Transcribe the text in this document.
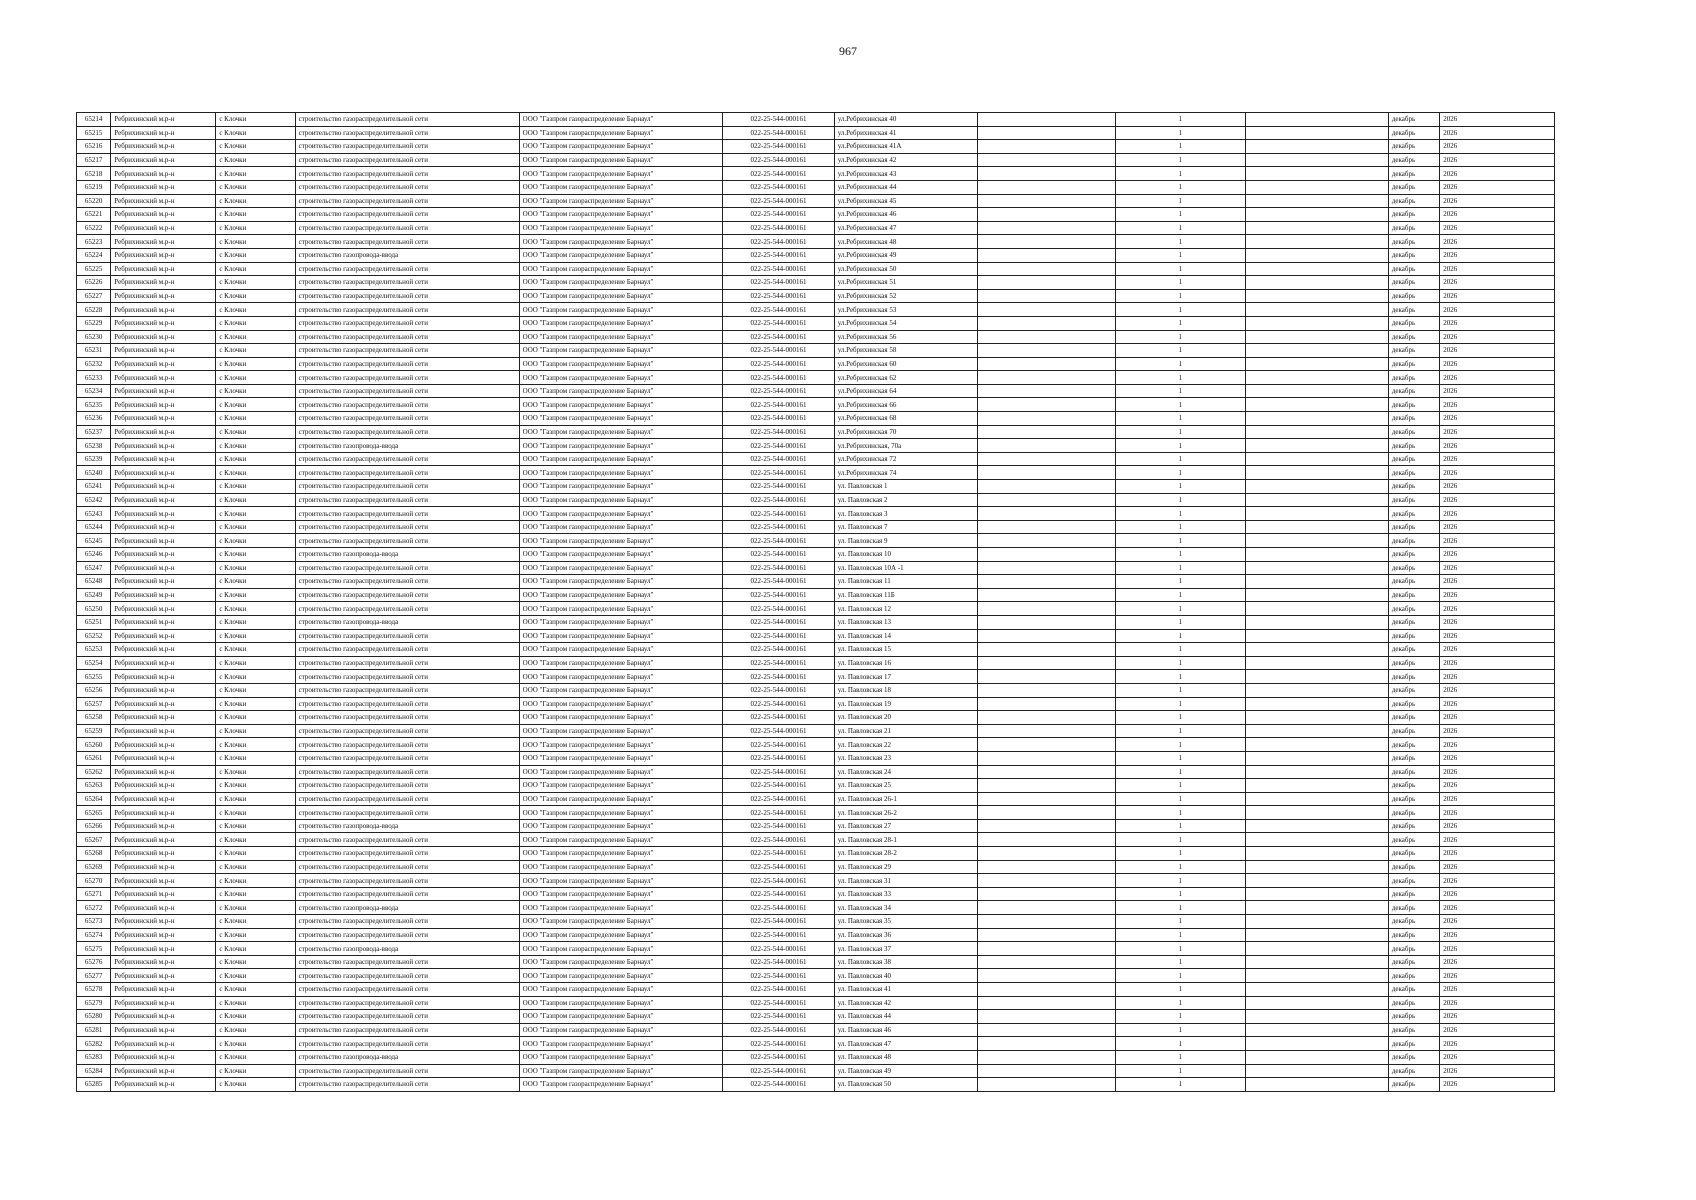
967
65214	Ребрихинский м.р-н	с Клочки	строительство газораспределительной сети	ООО "Газпром газораспределение Барнаул"	022-25-544-000161	ул.Ребрихинская 40		1		декабрь	2026
65215	Ребрихинский м.р-н	с Клочки	строительство газораспределительной сети	ООО "Газпром газораспределение Барнаул"	022-25-544-000161	ул.Ребрихинская 41		1		декабрь	2026
65216	Ребрихинский м.р-н	с Клочки	строительство газораспределительной сети	ООО "Газпром газораспределение Барнаул"	022-25-544-000161	ул.Ребрихинская 41А		1		декабрь	2026
65217	Ребрихинский м.р-н	с Клочки	строительство газораспределительной сети	ООО "Газпром газораспределение Барнаул"	022-25-544-000161	ул.Ребрихинская 42		1		декабрь	2026
65218	Ребрихинский м.р-н	с Клочки	строительство газораспределительной сети	ООО "Газпром газораспределение Барнаул"	022-25-544-000161	ул.Ребрихинская 43		1		декабрь	2026
65219	Ребрихинский м.р-н	с Клочки	строительство газораспределительной сети	ООО "Газпром газораспределение Барнаул"	022-25-544-000161	ул.Ребрихинская 44		1		декабрь	2026
65220	Ребрихинский м.р-н	с Клочки	строительство газораспределительной сети	ООО "Газпром газораспределение Барнаул"	022-25-544-000161	ул.Ребрихинская 45		1		декабрь	2026
65221	Ребрихинский м.р-н	с Клочки	строительство газораспределительной сети	ООО "Газпром газораспределение Барнаул"	022-25-544-000161	ул.Ребрихинская 46		1		декабрь	2026
65222	Ребрихинский м.р-н	с Клочки	строительство газораспределительной сети	ООО "Газпром газораспределение Барнаул"	022-25-544-000161	ул.Ребрихинская 47		1		декабрь	2026
65223	Ребрихинский м.р-н	с Клочки	строительство газораспределительной сети	ООО "Газпром газораспределение Барнаул"	022-25-544-000161	ул.Ребрихинская 48		1		декабрь	2026
65224	Ребрихинский м.р-н	с Клочки	строительство газопровода-ввода	ООО "Газпром газораспределение Барнаул"	022-25-544-000161	ул.Ребрихинская 49		1		декабрь	2026
65225	Ребрихинский м.р-н	с Клочки	строительство газораспределительной сети	ООО "Газпром газораспределение Барнаул"	022-25-544-000161	ул.Ребрихинская 50		1		декабрь	2026
65226	Ребрихинский м.р-н	с Клочки	строительство газораспределительной сети	ООО "Газпром газораспределение Барнаул"	022-25-544-000161	ул.Ребрихинская 51		1		декабрь	2026
65227	Ребрихинский м.р-н	с Клочки	строительство газораспределительной сети	ООО "Газпром газораспределение Барнаул"	022-25-544-000161	ул.Ребрихинская 52		1		декабрь	2026
65228	Ребрихинский м.р-н	с Клочки	строительство газораспределительной сети	ООО "Газпром газораспределение Барнаул"	022-25-544-000161	ул.Ребрихинская 53		1		декабрь	2026
65229	Ребрихинский м.р-н	с Клочки	строительство газораспределительной сети	ООО "Газпром газораспределение Барнаул"	022-25-544-000161	ул.Ребрихинская 54		1		декабрь	2026
65230	Ребрихинский м.р-н	с Клочки	строительство газораспределительной сети	ООО "Газпром газораспределение Барнаул"	022-25-544-000161	ул.Ребрихинская 56		1		декабрь	2026
65231	Ребрихинский м.р-н	с Клочки	строительство газораспределительной сети	ООО "Газпром газораспределение Барнаул"	022-25-544-000161	ул.Ребрихинская 58		1		декабрь	2026
65232	Ребрихинский м.р-н	с Клочки	строительство газораспределительной сети	ООО "Газпром газораспределение Барнаул"	022-25-544-000161	ул.Ребрихинская 60		1		декабрь	2026
65233	Ребрихинский м.р-н	с Клочки	строительство газораспределительной сети	ООО "Газпром газораспределение Барнаул"	022-25-544-000161	ул.Ребрихинская 62		1		декабрь	2026
65234	Ребрихинский м.р-н	с Клочки	строительство газораспределительной сети	ООО "Газпром газораспределение Барнаул"	022-25-544-000161	ул.Ребрихинская 64		1		декабрь	2026
65235	Ребрихинский м.р-н	с Клочки	строительство газораспределительной сети	ООО "Газпром газораспределение Барнаул"	022-25-544-000161	ул.Ребрихинская 66		1		декабрь	2026
65236	Ребрихинский м.р-н	с Клочки	строительство газораспределительной сети	ООО "Газпром газораспределение Барнаул"	022-25-544-000161	ул.Ребрихинская 68		1		декабрь	2026
65237	Ребрихинский м.р-н	с Клочки	строительство газораспределительной сети	ООО "Газпром газораспределение Барнаул"	022-25-544-000161	ул.Ребрихинская 70		1		декабрь	2026
65238	Ребрихинский м.р-н	с Клочки	строительство газопровода-ввода	ООО "Газпром газораспределение Барнаул"	022-25-544-000161	ул.Ребрихинская, 70а		1		декабрь	2026
65239	Ребрихинский м.р-н	с Клочки	строительство газораспределительной сети	ООО "Газпром газораспределение Барнаул"	022-25-544-000161	ул.Ребрихинская 72		1		декабрь	2026
65240	Ребрихинский м.р-н	с Клочки	строительство газораспределительной сети	ООО "Газпром газораспределение Барнаул"	022-25-544-000161	ул.Ребрихинская 74		1		декабрь	2026
65241	Ребрихинский м.р-н	с Клочки	строительство газораспределительной сети	ООО "Газпром газораспределение Барнаул"	022-25-544-000161	ул. Павловская 1		1		декабрь	2026
65242	Ребрихинский м.р-н	с Клочки	строительство газораспределительной сети	ООО "Газпром газораспределение Барнаул"	022-25-544-000161	ул. Павловская 2		1		декабрь	2026
65243	Ребрихинский м.р-н	с Клочки	строительство газораспределительной сети	ООО "Газпром газораспределение Барнаул"	022-25-544-000161	ул. Павловская 3		1		декабрь	2026
65244	Ребрихинский м.р-н	с Клочки	строительство газораспределительной сети	ООО "Газпром газораспределение Барнаул"	022-25-544-000161	ул. Павловская 7		1		декабрь	2026
65245	Ребрихинский м.р-н	с Клочки	строительство газораспределительной сети	ООО "Газпром газораспределение Барнаул"	022-25-544-000161	ул. Павловская 9		1		декабрь	2026
65246	Ребрихинский м.р-н	с Клочки	строительство газопровода-ввода	ООО "Газпром газораспределение Барнаул"	022-25-544-000161	ул. Павловская 10		1		декабрь	2026
65247	Ребрихинский м.р-н	с Клочки	строительство газораспределительной сети	ООО "Газпром газораспределение Барнаул"	022-25-544-000161	ул. Павловская 10А -1		1		декабрь	2026
65248	Ребрихинский м.р-н	с Клочки	строительство газораспределительной сети	ООО "Газпром газораспределение Барнаул"	022-25-544-000161	ул. Павловская 11		1		декабрь	2026
65249	Ребрихинский м.р-н	с Клочки	строительство газораспределительной сети	ООО "Газпром газораспределение Барнаул"	022-25-544-000161	ул. Павловская 11Б		1		декабрь	2026
65250	Ребрихинский м.р-н	с Клочки	строительство газораспределительной сети	ООО "Газпром газораспределение Барнаул"	022-25-544-000161	ул. Павловская 12		1		декабрь	2026
65251	Ребрихинский м.р-н	с Клочки	строительство газопровода-ввода	ООО "Газпром газораспределение Барнаул"	022-25-544-000161	ул. Павловская 13		1		декабрь	2026
65252	Ребрихинский м.р-н	с Клочки	строительство газораспределительной сети	ООО "Газпром газораспределение Барнаул"	022-25-544-000161	ул. Павловская 14		1		декабрь	2026
65253	Ребрихинский м.р-н	с Клочки	строительство газораспределительной сети	ООО "Газпром газораспределение Барнаул"	022-25-544-000161	ул. Павловская 15		1		декабрь	2026
65254	Ребрихинский м.р-н	с Клочки	строительство газораспределительной сети	ООО "Газпром газораспределение Барнаул"	022-25-544-000161	ул. Павловская 16		1		декабрь	2026
65255	Ребрихинский м.р-н	с Клочки	строительство газораспределительной сети	ООО "Газпром газораспределение Барнаул"	022-25-544-000161	ул. Павловская 17		1		декабрь	2026
65256	Ребрихинский м.р-н	с Клочки	строительство газораспределительной сети	ООО "Газпром газораспределение Барнаул"	022-25-544-000161	ул. Павловская 18		1		декабрь	2026
65257	Ребрихинский м.р-н	с Клочки	строительство газораспределительной сети	ООО "Газпром газораспределение Барнаул"	022-25-544-000161	ул. Павловская 19		1		декабрь	2026
65258	Ребрихинский м.р-н	с Клочки	строительство газораспределительной сети	ООО "Газпром газораспределение Барнаул"	022-25-544-000161	ул. Павловская 20		1		декабрь	2026
65259	Ребрихинский м.р-н	с Клочки	строительство газораспределительной сети	ООО "Газпром газораспределение Барнаул"	022-25-544-000161	ул. Павловская 21		1		декабрь	2026
65260	Ребрихинский м.р-н	с Клочки	строительство газораспределительной сети	ООО "Газпром газораспределение Барнаул"	022-25-544-000161	ул. Павловская 22		1		декабрь	2026
65261	Ребрихинский м.р-н	с Клочки	строительство газораспределительной сети	ООО "Газпром газораспределение Барнаул"	022-25-544-000161	ул. Павловская 23		1		декабрь	2026
65262	Ребрихинский м.р-н	с Клочки	строительство газораспределительной сети	ООО "Газпром газораспределение Барнаул"	022-25-544-000161	ул. Павловская 24		1		декабрь	2026
65263	Ребрихинский м.р-н	с Клочки	строительство газораспределительной сети	ООО "Газпром газораспределение Барнаул"	022-25-544-000161	ул. Павловская 25		1		декабрь	2026
65264	Ребрихинский м.р-н	с Клочки	строительство газораспределительной сети	ООО "Газпром газораспределение Барнаул"	022-25-544-000161	ул. Павловская 26-1		1		декабрь	2026
65265	Ребрихинский м.р-н	с Клочки	строительство газораспределительной сети	ООО "Газпром газораспределение Барнаул"	022-25-544-000161	ул. Павловская 26-2		1		декабрь	2026
65266	Ребрихинский м.р-н	с Клочки	строительство газопровода-ввода	ООО "Газпром газораспределение Барнаул"	022-25-544-000161	ул. Павловская 27		1		декабрь	2026
65267	Ребрихинский м.р-н	с Клочки	строительство газораспределительной сети	ООО "Газпром газораспределение Барнаул"	022-25-544-000161	ул. Павловская 28-1		1		декабрь	2026
65268	Ребрихинский м.р-н	с Клочки	строительство газораспределительной сети	ООО "Газпром газораспределение Барнаул"	022-25-544-000161	ул. Павловская 28-2		1		декабрь	2026
65269	Ребрихинский м.р-н	с Клочки	строительство газораспределительной сети	ООО "Газпром газораспределение Барнаул"	022-25-544-000161	ул. Павловская 29		1		декабрь	2026
65270	Ребрихинский м.р-н	с Клочки	строительство газораспределительной сети	ООО "Газпром газораспределение Барнаул"	022-25-544-000161	ул. Павловская 31		1		декабрь	2026
65271	Ребрихинский м.р-н	с Клочки	строительство газораспределительной сети	ООО "Газпром газораспределение Барнаул"	022-25-544-000161	ул. Павловская 33		1		декабрь	2026
65272	Ребрихинский м.р-н	с Клочки	строительство газопровода-ввода	ООО "Газпром газораспределение Барнаул"	022-25-544-000161	ул. Павловская 34		1		декабрь	2026
65273	Ребрихинский м.р-н	с Клочки	строительство газораспределительной сети	ООО "Газпром газораспределение Барнаул"	022-25-544-000161	ул. Павловская 35		1		декабрь	2026
65274	Ребрихинский м.р-н	с Клочки	строительство газораспределительной сети	ООО "Газпром газораспределение Барнаул"	022-25-544-000161	ул. Павловская 36		1		декабрь	2026
65275	Ребрихинский м.р-н	с Клочки	строительство газопровода-ввода	ООО "Газпром газораспределение Барнаул"	022-25-544-000161	ул. Павловская 37		1		декабрь	2026
65276	Ребрихинский м.р-н	с Клочки	строительство газораспределительной сети	ООО "Газпром газораспределение Барнаул"	022-25-544-000161	ул. Павловская 38		1		декабрь	2026
65277	Ребрихинский м.р-н	с Клочки	строительство газораспределительной сети	ООО "Газпром газораспределение Барнаул"	022-25-544-000161	ул. Павловская 40		1		декабрь	2026
65278	Ребрихинский м.р-н	с Клочки	строительство газораспределительной сети	ООО "Газпром газораспределение Барнаул"	022-25-544-000161	ул. Павловская 41		1		декабрь	2026
65279	Ребрихинский м.р-н	с Клочки	строительство газораспределительной сети	ООО "Газпром газораспределение Барнаул"	022-25-544-000161	ул. Павловская 42		1		декабрь	2026
65280	Ребрихинский м.р-н	с Клочки	строительство газораспределительной сети	ООО "Газпром газораспределение Барнаул"	022-25-544-000161	ул. Павловская 44		1		декабрь	2026
65281	Ребрихинский м.р-н	с Клочки	строительство газораспределительной сети	ООО "Газпром газораспределение Барнаул"	022-25-544-000161	ул. Павловская 46		1		декабрь	2026
65282	Ребрихинский м.р-н	с Клочки	строительство газораспределительной сети	ООО "Газпром газораспределение Барнаул"	022-25-544-000161	ул. Павловская 47		1		декабрь	2026
65283	Ребрихинский м.р-н	с Клочки	строительство газопровода-ввода	ООО "Газпром газораспределение Барнаул"	022-25-544-000161	ул. Павловская 48		1		декабрь	2026
65284	Ребрихинский м.р-н	с Клочки	строительство газораспределительной сети	ООО "Газпром газораспределение Барнаул"	022-25-544-000161	ул. Павловская 49		1		декабрь	2026
65285	Ребрихинский м.р-н	с Клочки	строительство газораспределительной сети	ООО "Газпром газораспределение Барнаул"	022-25-544-000161	ул. Павловская 50		1		декабрь	2026
